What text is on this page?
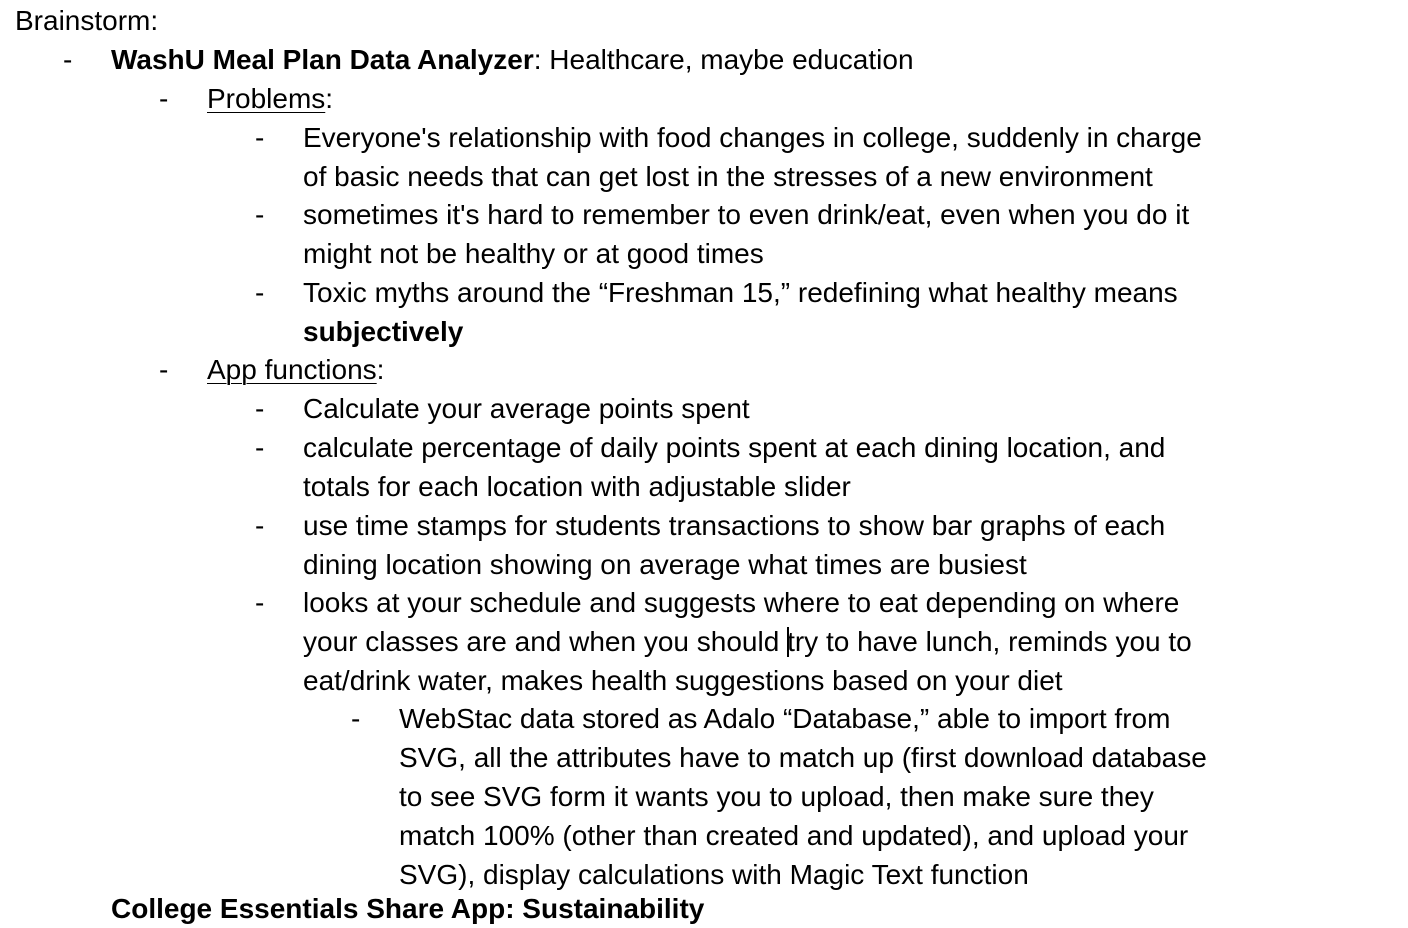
Brainstorm:
- WashU Meal Plan Data Analyzer: Healthcare, maybe education
- Problems:
- Everyone's relationship with food changes in college, suddenly in charge
of basic needs that can get lost in the stresses of a new environment
- sometimes it's hard to remember to even drink/eat, even when you do it
might not be healthy or at good times
- Toxic myths around the “Freshman 15,” redefining what healthy means
subjectively
- App functions:
- Calculate your average points spent
- calculate percentage of daily points spent at each dining location, and
totals for each location with adjustable slider
- use time stamps for students transactions to show bar graphs of each
dining location showing on average what times are busiest
- looks at your schedule and suggests where to eat depending on where
your classes are and when you should try to have lunch, reminds you to
eat/drink water, makes health suggestions based on your diet
- WebStac data stored as Adalo “Database,” able to import from
SVG, all the attributes have to match up (first download database
to see SVG form it wants you to upload, then make sure they
match 100% (other than created and updated), and upload your
SVG), display calculations with Magic Text function
College Essentials Share App: Sustainability
